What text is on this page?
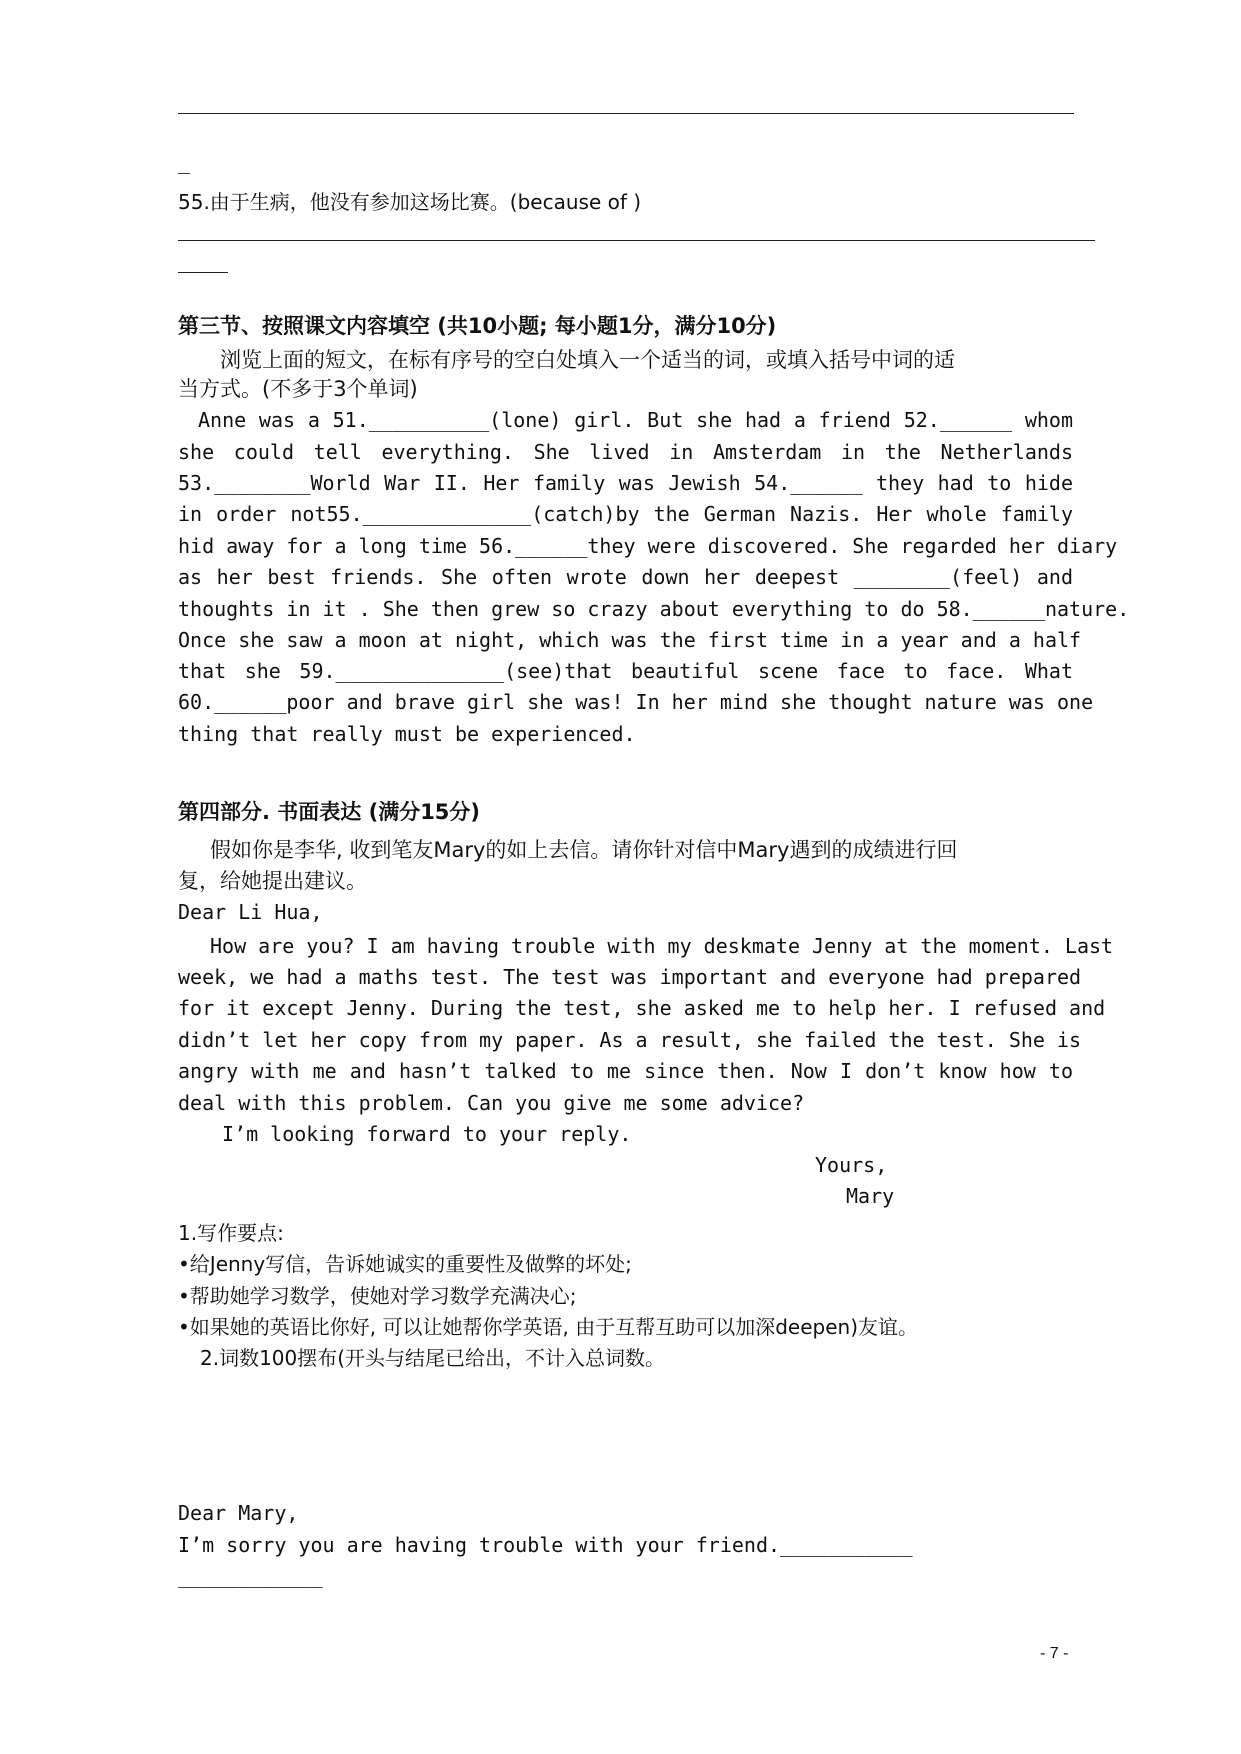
_
55.由于生病，他没有参加这场比赛。(because of )
第三节、按照课文内容填空 (共10小题; 每小题1分，满分10分)
浏览上面的短文，在标有序号的空白处填入一个适当的词，或填入括号中词的适
当方式。(不多于3个单词)
Anne was a 51.__________(lone) girl. But she had a friend 52.______ whom
she could tell everything. She lived in Amsterdam in the Netherlands
53.________World War II. Her family was Jewish 54.______ they had to hide
in order not55.______________(catch)by the German Nazis. Her whole family
hid away for a long time 56.______they were discovered. She regarded her diary
as her best friends. She often wrote down her deepest ________(feel) and
thoughts in it . She then grew so crazy about everything to do 58.______nature.
Once she saw a moon at night, which was the first time in a year and a half
that she 59.______________(see)that beautiful scene face to face. What
60.______poor and brave girl she was! In her mind she thought nature was one
thing that really must be experienced.
第四部分. 书面表达 (满分15分)
假如你是李华, 收到笔友Mary的如上去信。请你针对信中Mary遇到的成绩进行回
复，给她提出建议。
Dear Li Hua,
How are you? I am having trouble with my deskmate Jenny at the moment. Last
week, we had a maths test. The test was important and everyone had prepared
for it except Jenny. During the test, she asked me to help her. I refused and
didn’t let her copy from my paper. As a result, she failed the test. She is
angry with me and hasn’t talked to me since then. Now I don’t know how to
deal with this problem. Can you give me some advice?
I’m looking forward to your reply.
Yours,
Mary
1.写作要点:
•给Jenny写信，告诉她诚实的重要性及做弊的坏处;
•帮助她学习数学，使她对学习数学充满决心;
•如果她的英语比你好, 可以让她帮你学英语, 由于互帮互助可以加深deepen)友谊。
2.词数100摆布(开头与结尾已给出，不计入总词数。
Dear Mary,
I’m sorry you are having trouble with your friend.___________
____________
- 7 -
